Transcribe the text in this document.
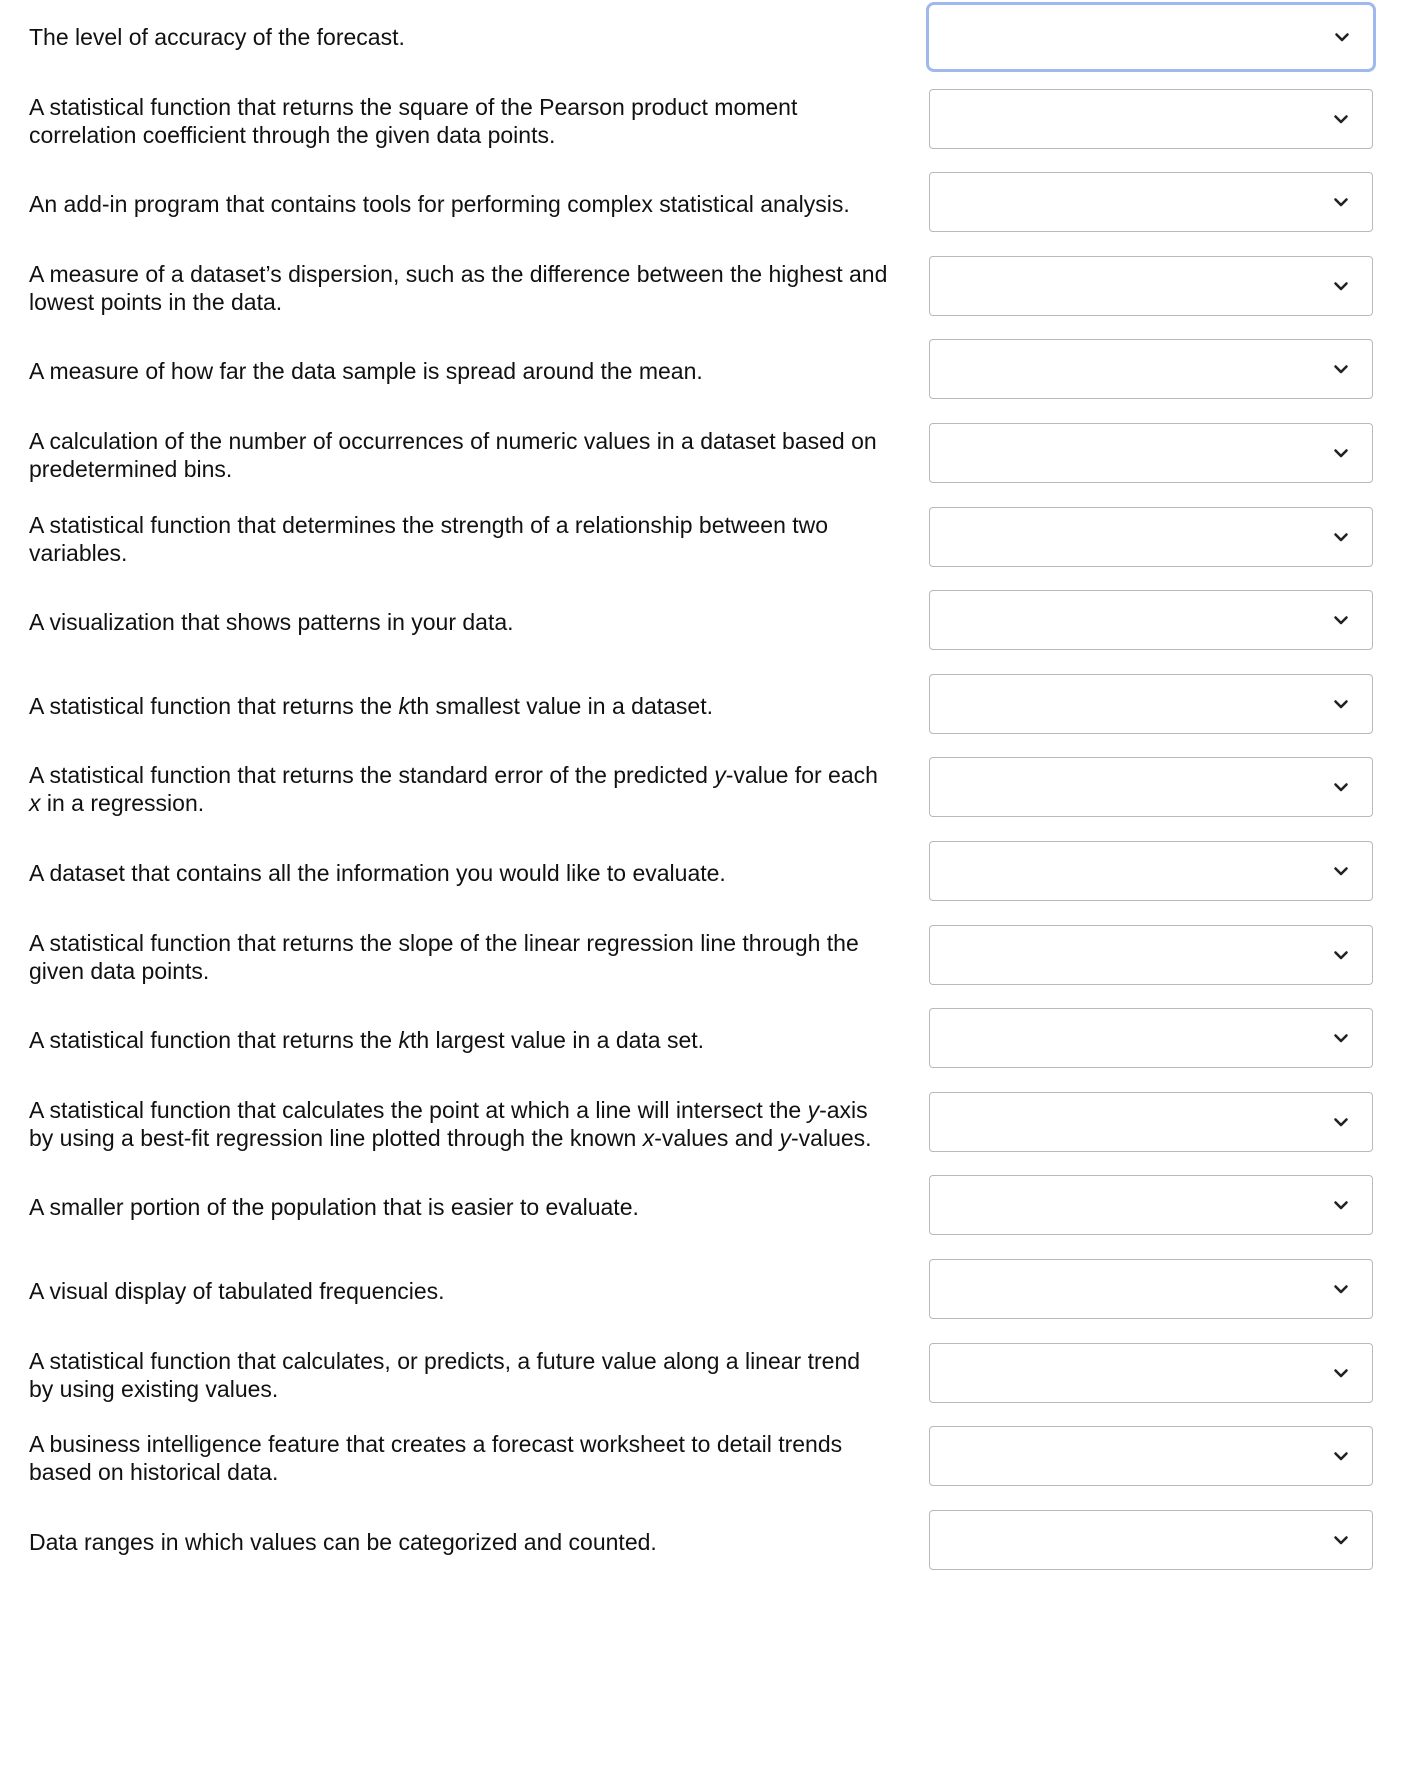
The level of accuracy of the forecast.
A statistical function that returns the square of the Pearson product moment
correlation coefficient through the given data points.
An add-in program that contains tools for performing complex statistical analysis.
A measure of a dataset’s dispersion, such as the difference between the highest and
lowest points in the data.
A measure of how far the data sample is spread around the mean.
A calculation of the number of occurrences of numeric values in a dataset based on
predetermined bins.
A statistical function that determines the strength of a relationship between two
variables.
A visualization that shows patterns in your data.
A statistical function that returns the kth smallest value in a dataset.
A statistical function that returns the standard error of the predicted y-value for each
x in a regression.
A dataset that contains all the information you would like to evaluate.
A statistical function that returns the slope of the linear regression line through the
given data points.
A statistical function that returns the kth largest value in a data set.
A statistical function that calculates the point at which a line will intersect the y-axis
by using a best-fit regression line plotted through the known x-values and y-values.
A smaller portion of the population that is easier to evaluate.
A visual display of tabulated frequencies.
A statistical function that calculates, or predicts, a future value along a linear trend
by using existing values.
A business intelligence feature that creates a forecast worksheet to detail trends
based on historical data.
Data ranges in which values can be categorized and counted.
